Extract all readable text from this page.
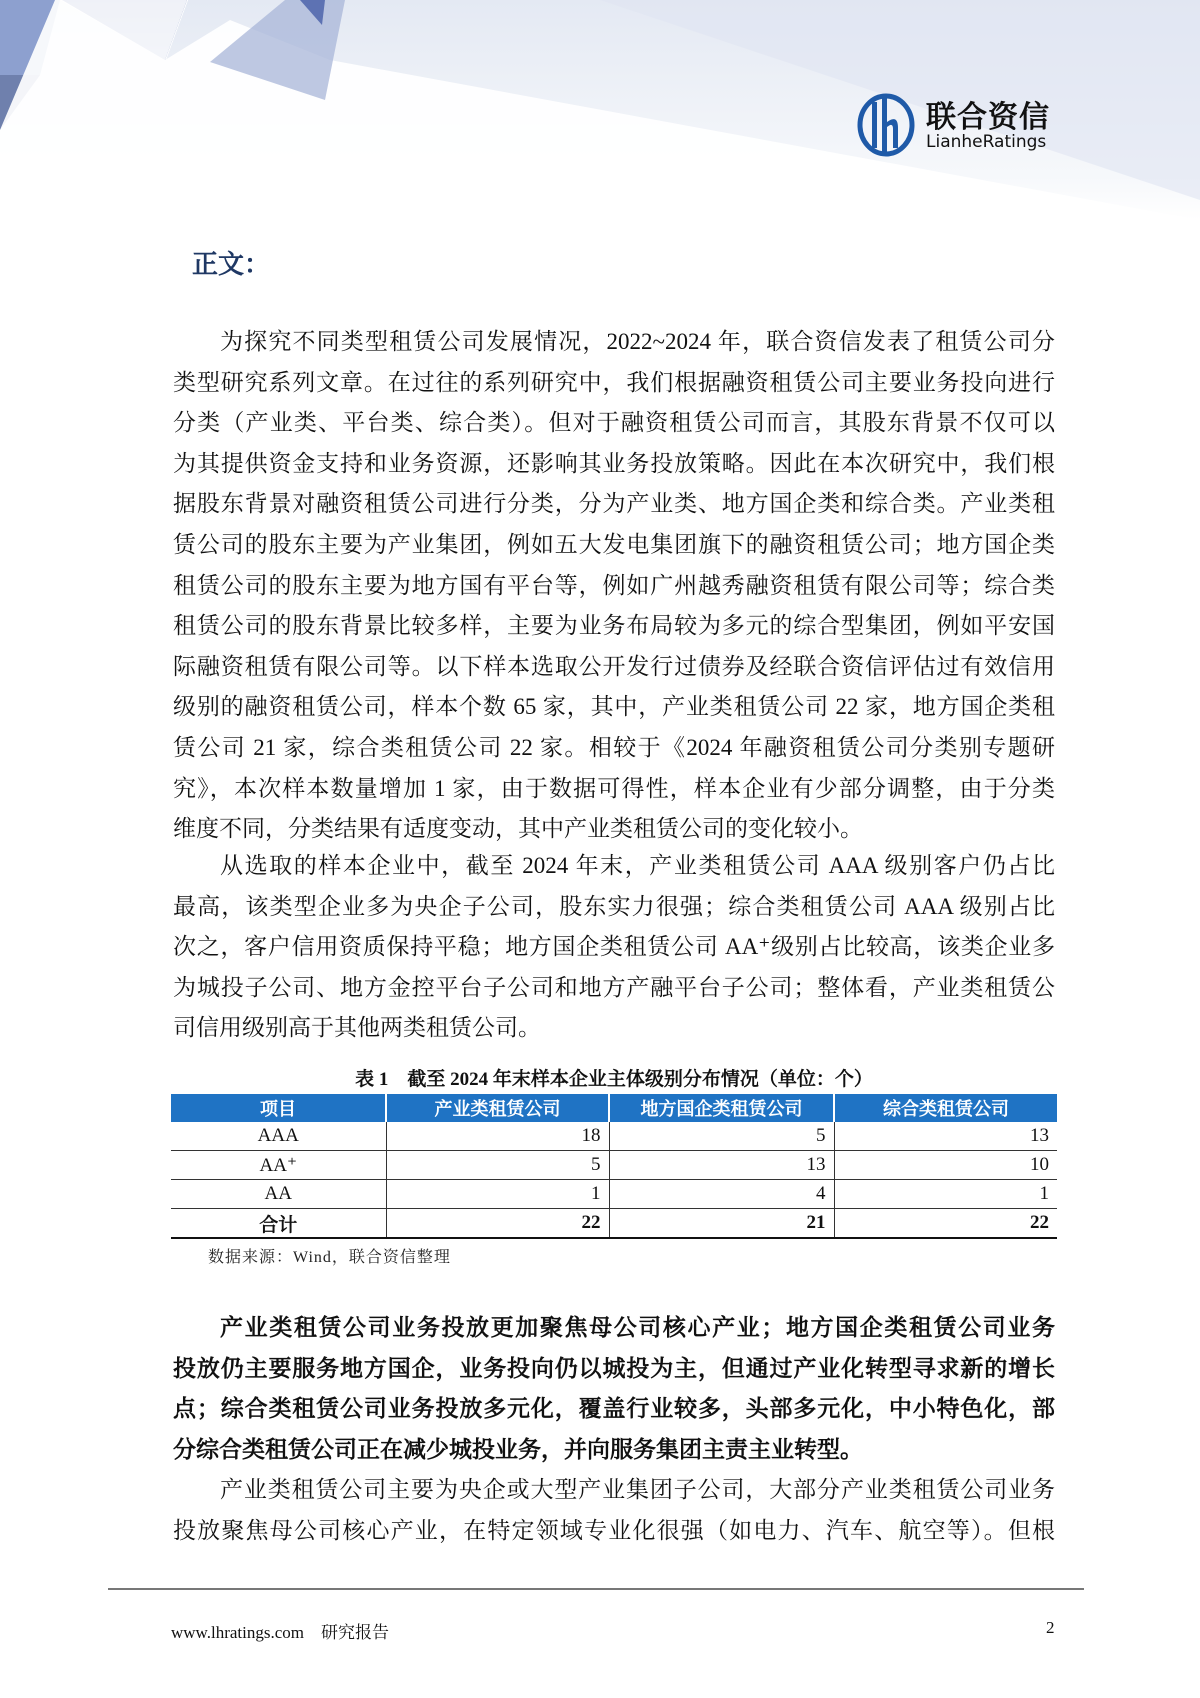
联合资信
LianheRatings
正文：
为探究不同类型租赁公司发展情况，2022~2024 年，联合资信发表了租赁公司分
类型研究系列文章。在过往的系列研究中，我们根据融资租赁公司主要业务投向进行
分类（产业类、平台类、综合类）。但对于融资租赁公司而言，其股东背景不仅可以
为其提供资金支持和业务资源，还影响其业务投放策略。因此在本次研究中，我们根
据股东背景对融资租赁公司进行分类，分为产业类、地方国企类和综合类。产业类租
赁公司的股东主要为产业集团，例如五大发电集团旗下的融资租赁公司；地方国企类
租赁公司的股东主要为地方国有平台等，例如广州越秀融资租赁有限公司等；综合类
租赁公司的股东背景比较多样，主要为业务布局较为多元的综合型集团，例如平安国
际融资租赁有限公司等。以下样本选取公开发行过债券及经联合资信评估过有效信用
级别的融资租赁公司，样本个数 65 家，其中，产业类租赁公司 22 家，地方国企类租
赁公司 21 家，综合类租赁公司 22 家。相较于《2024 年融资租赁公司分类别专题研
究》，本次样本数量增加 1 家，由于数据可得性，样本企业有少部分调整，由于分类
维度不同，分类结果有适度变动，其中产业类租赁公司的变化较小。
从选取的样本企业中，截至 2024 年末，产业类租赁公司 AAA 级别客户仍占比
最高，该类型企业多为央企子公司，股东实力很强；综合类租赁公司 AAA 级别占比
次之，客户信用资质保持平稳；地方国企类租赁公司 AA⁺级别占比较高，该类企业多
为城投子公司、地方金控平台子公司和地方产融平台子公司；整体看，产业类租赁公
司信用级别高于其他两类租赁公司。
表 1　截至 2024 年末样本企业主体级别分布情况（单位：个）
项目	产业类租赁公司	地方国企类租赁公司	综合类租赁公司
AAA	18	5	13
AA⁺	5	13	10
AA	1	4	1
合计	22	21	22
数据来源：Wind，联合资信整理
产业类租赁公司业务投放更加聚焦母公司核心产业；地方国企类租赁公司业务
投放仍主要服务地方国企，业务投向仍以城投为主，但通过产业化转型寻求新的增长
点；综合类租赁公司业务投放多元化，覆盖行业较多，头部多元化，中小特色化，部
分综合类租赁公司正在减少城投业务，并向服务集团主责主业转型。
产业类租赁公司主要为央企或大型产业集团子公司，大部分产业类租赁公司业务
投放聚焦母公司核心产业，在特定领域专业化很强（如电力、汽车、航空等）。但根
www.lhratings.com 研究报告	2
